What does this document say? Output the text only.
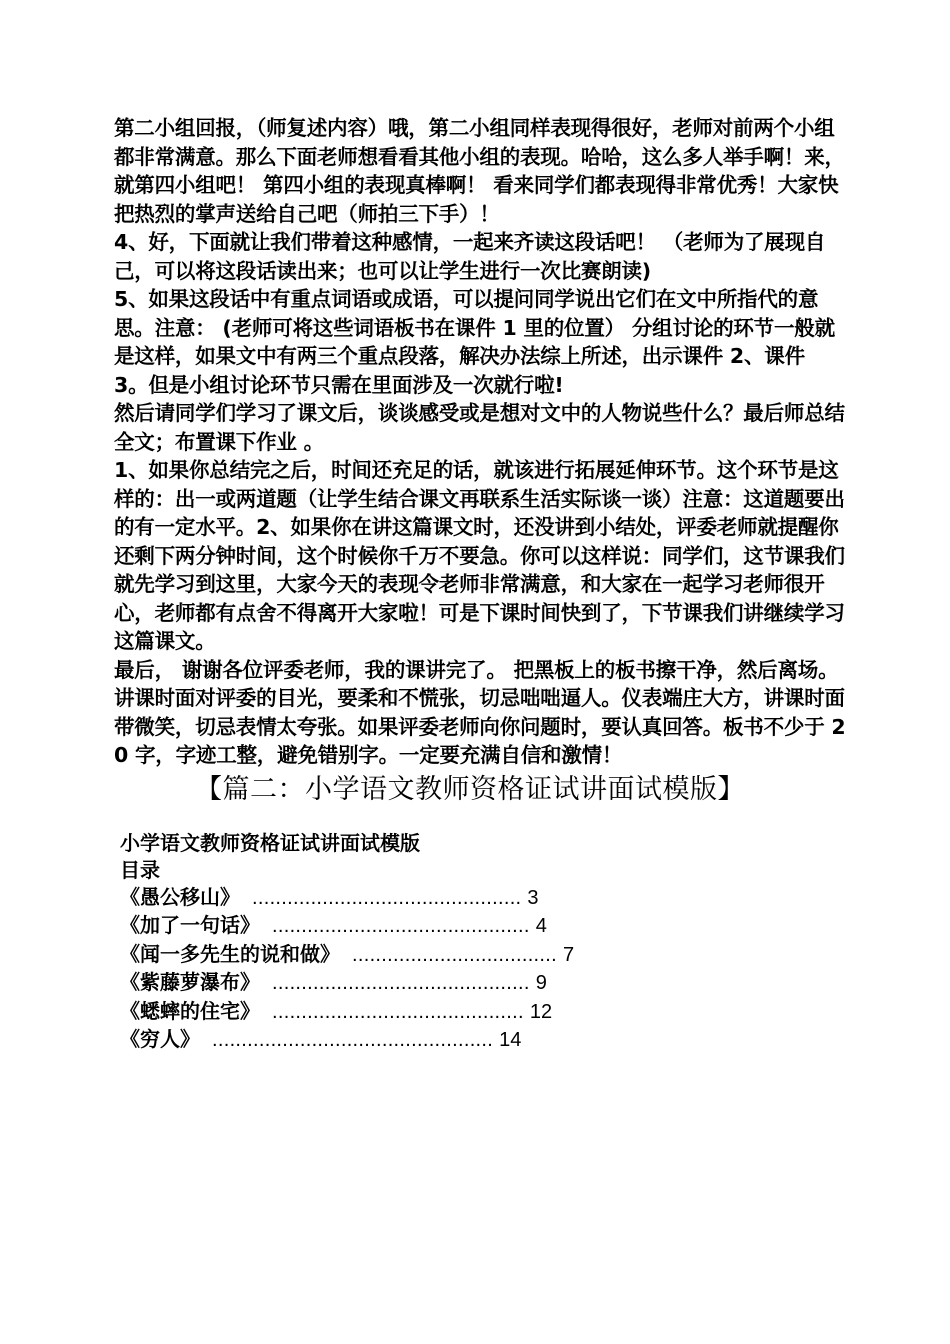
第二小组回报，（师复述内容）哦，第二小组同样表现得很好，老师对前两个小组都非常满意。那么下面老师想看看其他小组的表现。哈哈，这么多人举手啊！来，就第四小组吧！ 第四小组的表现真棒啊！ 看来同学们都表现得非常优秀！大家快把热烈的掌声送给自己吧（师拍三下手）！

4、好，下面就让我们带着这种感情，一起来齐读这段话吧！ （老师为了展现自己，可以将这段话读出来；也可以让学生进行一次比赛朗读)

5、如果这段话中有重点词语或成语，可以提问同学说出它们在文中所指代的意

思。注意： (老师可将这些词语板书在课件 1 里的位置） 分组讨论的环节一般就是这样，如果文中有两三个重点段落，解决办法综上所述，出示课件 2、课件

3。但是小组讨论环节只需在里面涉及一次就行啦!

然后请同学们学习了课文后，谈谈感受或是想对文中的人物说些什么？最后师总结全文；布置课下作业 。

1、如果你总结完之后，时间还充足的话，就该进行拓展延伸环节。这个环节是这样的：出一或两道题（让学生结合课文再联系生活实际谈一谈）注意：这道题要出的有一定水平。2、如果你在讲这篇课文时，还没讲到小结处，评委老师就提醒你还剩下两分钟时间，这个时候你千万不要急。你可以这样说：同学们，这节课我们就先学习到这里，大家今天的表现令老师非常满意，和大家在一起学习老师很开心，老师都有点舍不得离开大家啦！可是下课时间快到了，下节课我们讲继续学习这篇课文。

最后， 谢谢各位评委老师，我的课讲完了。 把黑板上的板书擦干净，然后离场。

讲课时面对评委的目光，要柔和不慌张，切忌咄咄逼人。仪表端庄大方，讲课时面带微笑，切忌表情太夸张。如果评委老师向你问题时，要认真回答。板书不少于 20 字，字迹工整，避免错别字。一定要充满自信和激情！

【篇二：小学语文教师资格证试讲面试模版】

小学语文教师资格证试讲面试模版

目录

《愚公移山》 .............................................. 3
《加了一句话》 ............................................ 4
《闻一多先生的说和做》 ................................... 7
《紫藤萝瀑布》 ............................................ 9
《蟋蟀的住宅》 ........................................... 12
《穷人》 ................................................ 14
